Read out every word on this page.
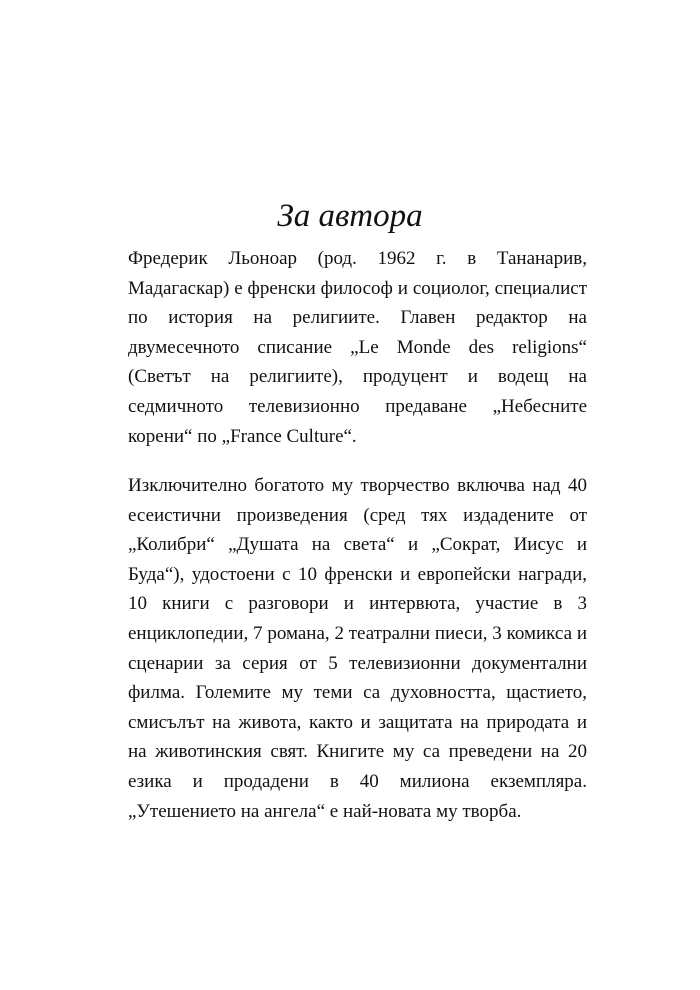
За автора

Фредерик Льоноар (род. 1962 г. в Тананарив, Мадагаскар) е френски философ и социолог, специалист по история на религиите. Главен редактор на двумесечното списание „Le Monde des religions“ (Светът на религиите), продуцент и водещ на седмичното телевизионно предаване „Небесните корени“ по „France Culture“.

Изключително богатото му творчество включва над 40 есеистични произведения (сред тях издадените от „Колибри“ „Душата на света“ и „Сократ, Иисус и Буда“), удостоени с 10 френски и европейски награди, 10 книги с разговори и интервюта, участие в 3 енциклопедии, 7 романа, 2 театрални пиеси, 3 комикса и сценарии за серия от 5 телевизионни документални филма. Големите му теми са духовността, щастието, смисълът на живота, както и защитата на природата и на животинския свят. Книгите му са преведени на 20 езика и продадени в 40 милиона екземпляра. „Утешението на ангела“ е най-новата му творба.
